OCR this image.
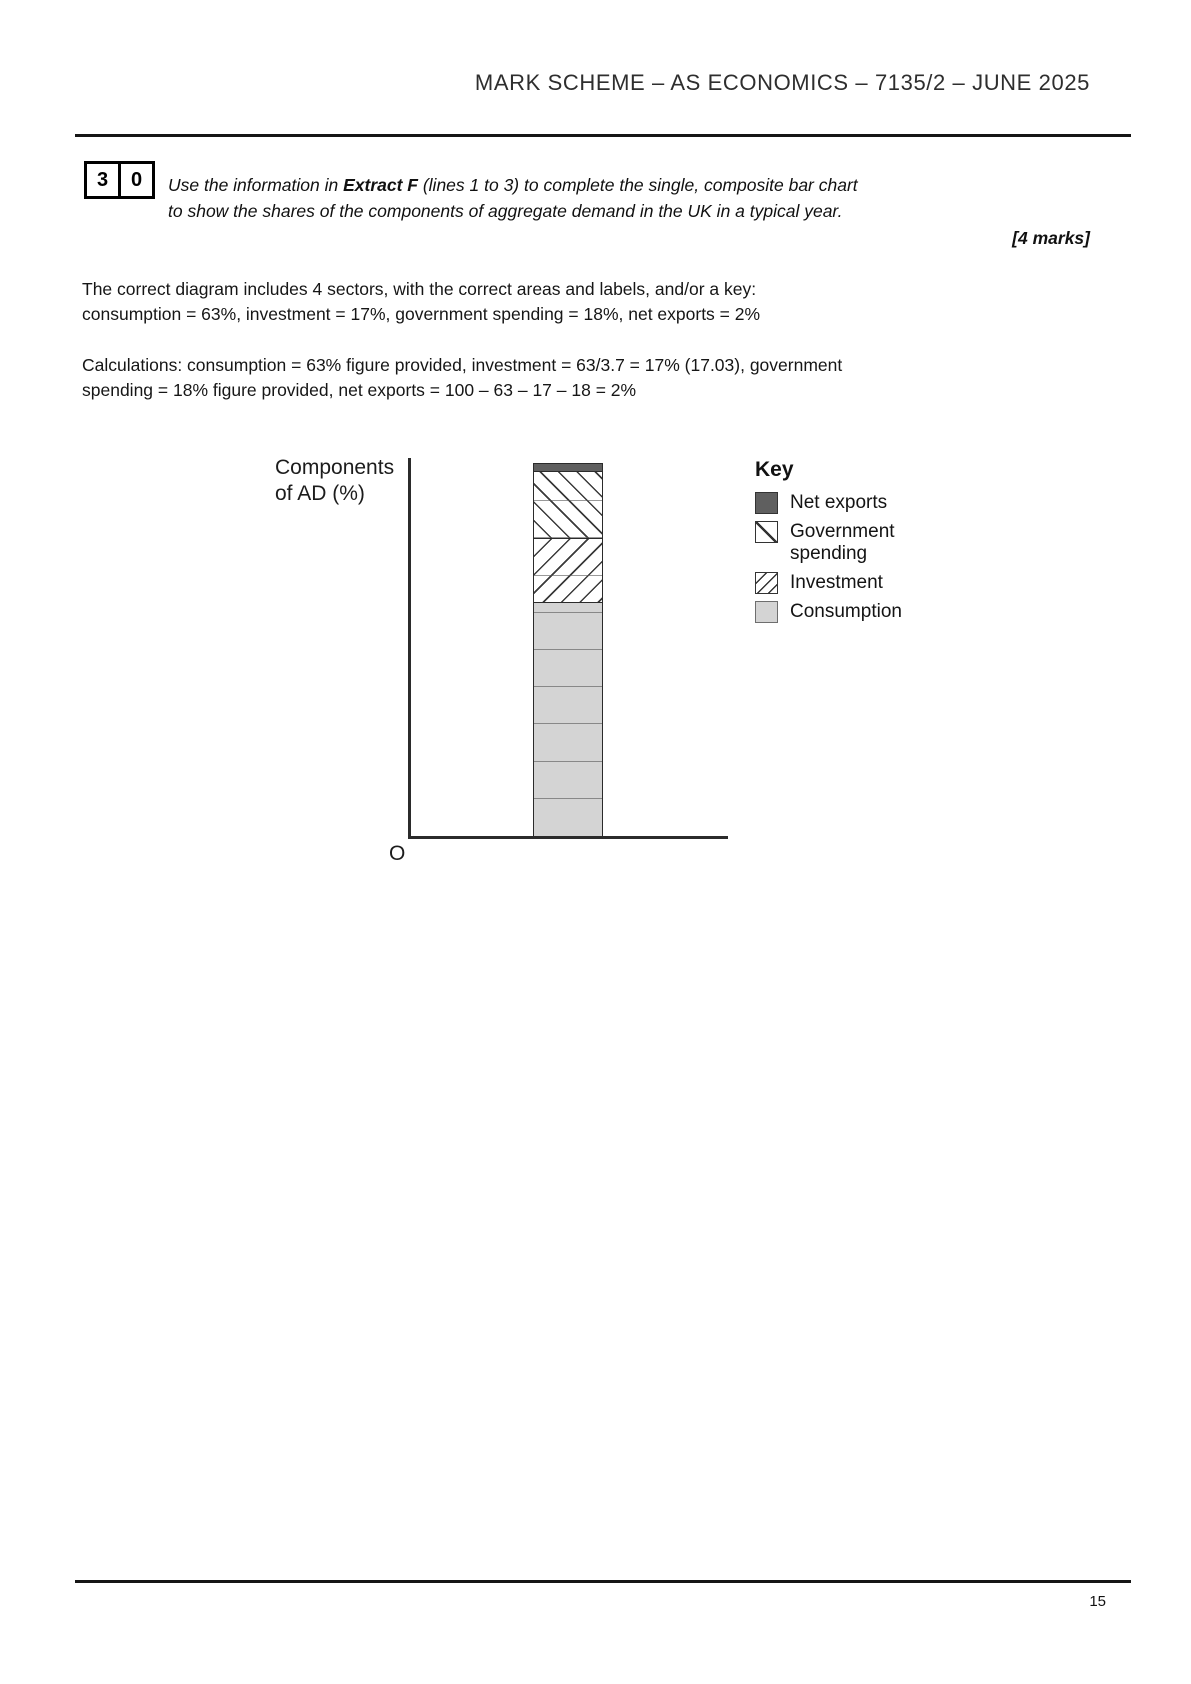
MARK SCHEME – AS ECONOMICS – 7135/2 – JUNE 2025
3	0	Use the information in Extract F (lines 1 to 3) to complete the single, composite bar chart
to show the shares of the components of aggregate demand in the UK in a typical year.
[4 marks]
The correct diagram includes 4 sectors, with the correct areas and labels, and/or a key:
consumption = 63%, investment = 17%, government spending = 18%, net exports = 2%
Calculations: consumption = 63% figure provided, investment = 63/3.7 = 17% (17.03), government
spending = 18% figure provided, net exports = 100 – 63 – 17 – 18 = 2%
Components
of AD (%)
O
Key
Net exports
Government spending
Investment
Consumption
15
